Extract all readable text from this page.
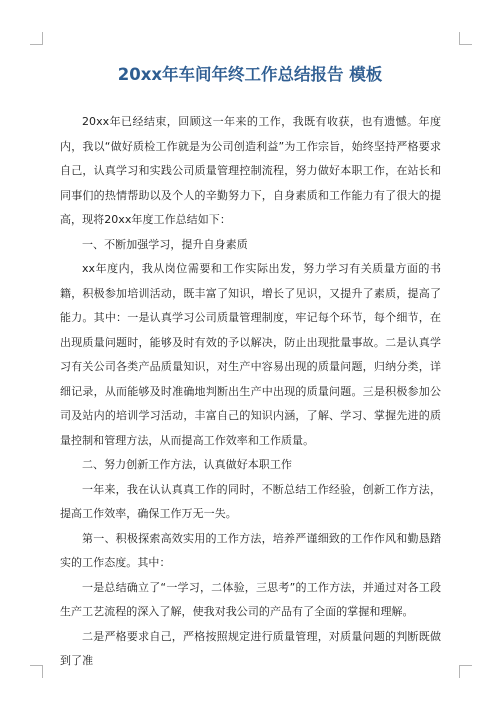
20xx年车间年终工作总结报告 模板

20xx年已经结束，回顾这一年来的工作，我既有收获，也有遗憾。年度内，我以“做好质检工作就是为公司创造利益”为工作宗旨，始终坚持严格要求自己，认真学习和实践公司质量管理控制流程，努力做好本职工作，在站长和同事们的热情帮助以及个人的辛勤努力下，自身素质和工作能力有了很大的提高，现将20xx年度工作总结如下：

一、不断加强学习，提升自身素质

xx年度内，我从岗位需要和工作实际出发，努力学习有关质量方面的书籍，积极参加培训活动，既丰富了知识，增长了见识，又提升了素质，提高了能力。其中：一是认真学习公司质量管理制度，牢记每个环节，每个细节，在出现质量问题时，能够及时有效的予以解决，防止出现批量事故。二是认真学习有关公司各类产品质量知识，对生产中容易出现的质量问题，归纳分类，详细记录，从而能够及时准确地判断出生产中出现的质量问题。三是积极参加公司及站内的培训学习活动，丰富自己的知识内涵，了解、学习、掌握先进的质量控制和管理方法，从而提高工作效率和工作质量。

二、努力创新工作方法，认真做好本职工作

一年来，我在认认真真工作的同时，不断总结工作经验，创新工作方法，提高工作效率，确保工作万无一失。

第一、积极探索高效实用的工作方法，培养严谨细致的工作作风和勤恳踏实的工作态度。其中：

一是总结确立了“一学习，二体验，三思考”的工作方法，并通过对各工段生产工艺流程的深入了解，使我对我公司的产品有了全面的掌握和理解。

二是严格要求自己，严格按照规定进行质量管理，对质量问题的判断既做到了准
